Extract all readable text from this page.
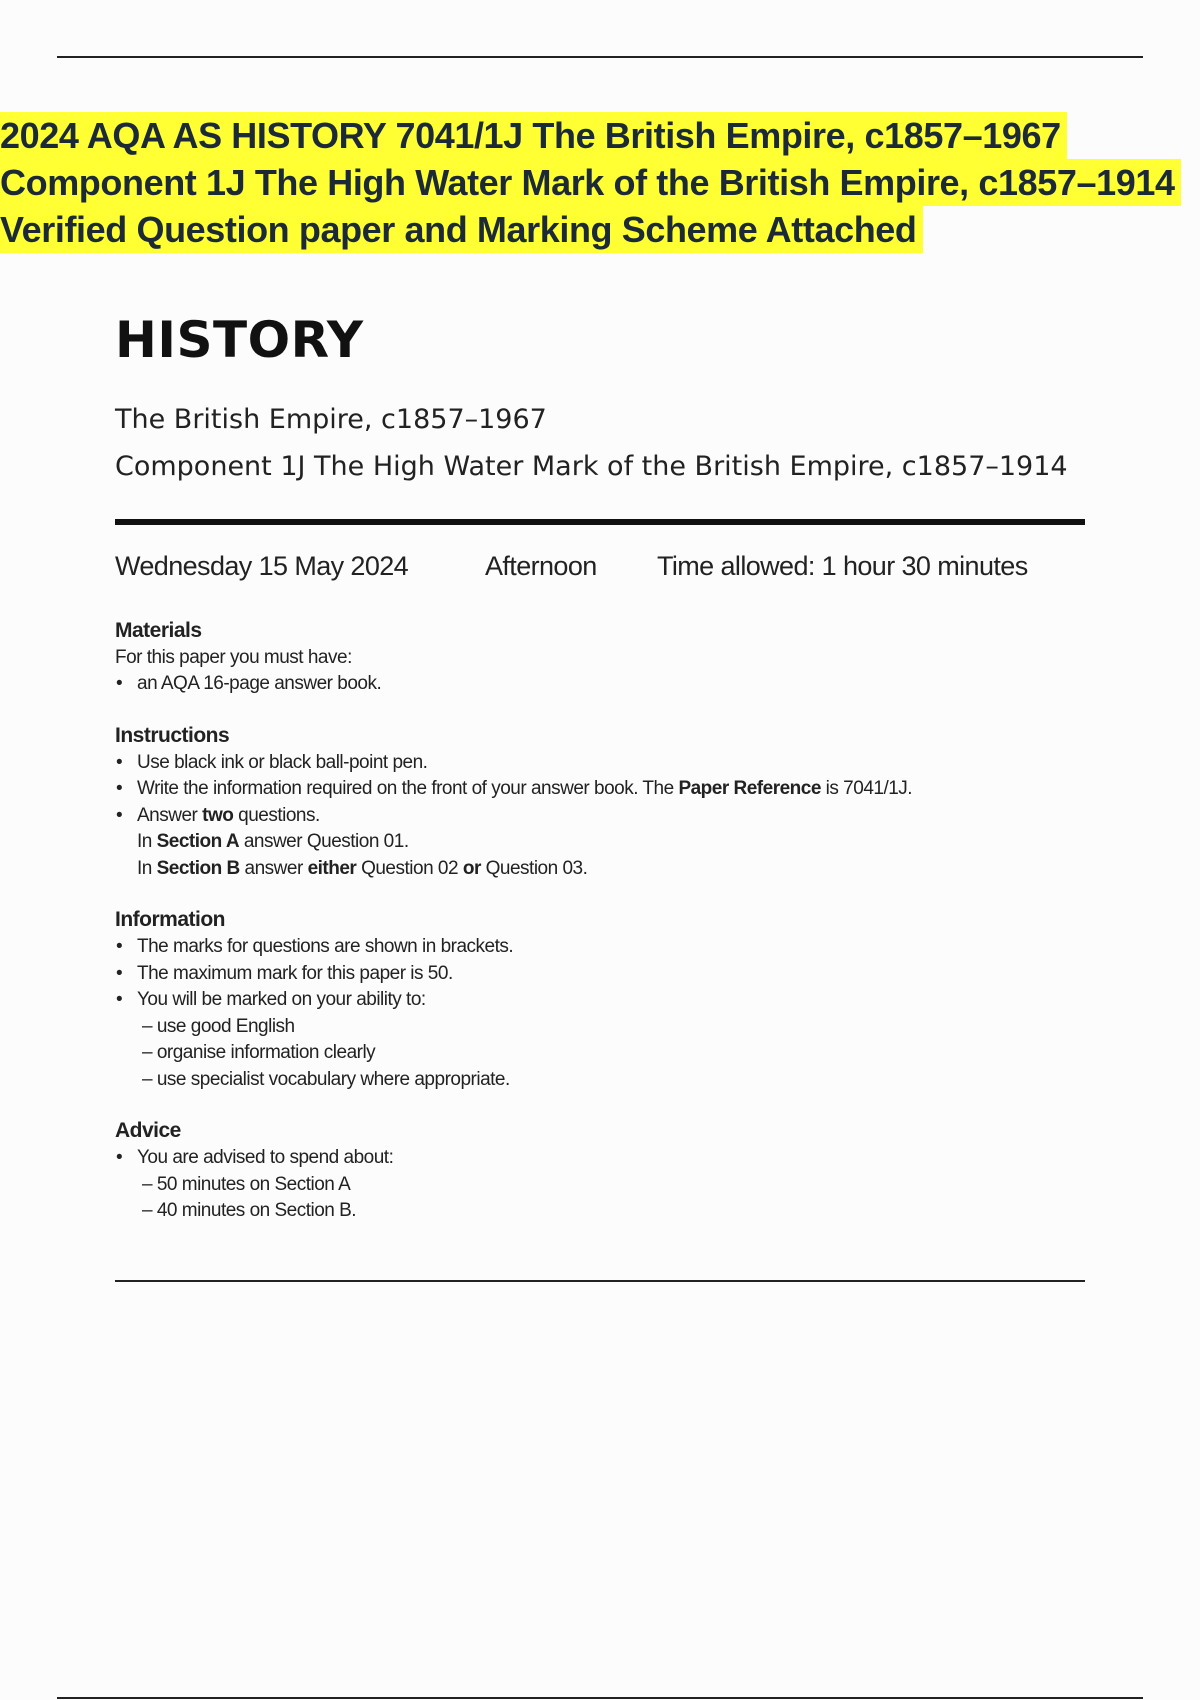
2024 AQA AS HISTORY 7041/1J The British Empire, c1857–1967
Component 1J The High Water Mark of the British Empire, c1857–1914
Verified Question paper and Marking Scheme Attached
HISTORY
The British Empire, c1857–1967
Component 1J The High Water Mark of the British Empire, c1857–1914
Wednesday 15 May 2024	Afternoon Time allowed: 1 hour 30 minutes
Materials
For this paper you must have:
• an AQA 16-page answer book.
Instructions
• Use black ink or black ball-point pen.
• Write the information required on the front of your answer book. The Paper Reference is 7041/1J.
• Answer two questions.
In Section A answer Question 01.
In Section B answer either Question 02 or Question 03.
Information
• The marks for questions are shown in brackets.
• The maximum mark for this paper is 50.
• You will be marked on your ability to:
– use good English
– organise information clearly
– use specialist vocabulary where appropriate.
Advice
• You are advised to spend about:
– 50 minutes on Section A
– 40 minutes on Section B.
